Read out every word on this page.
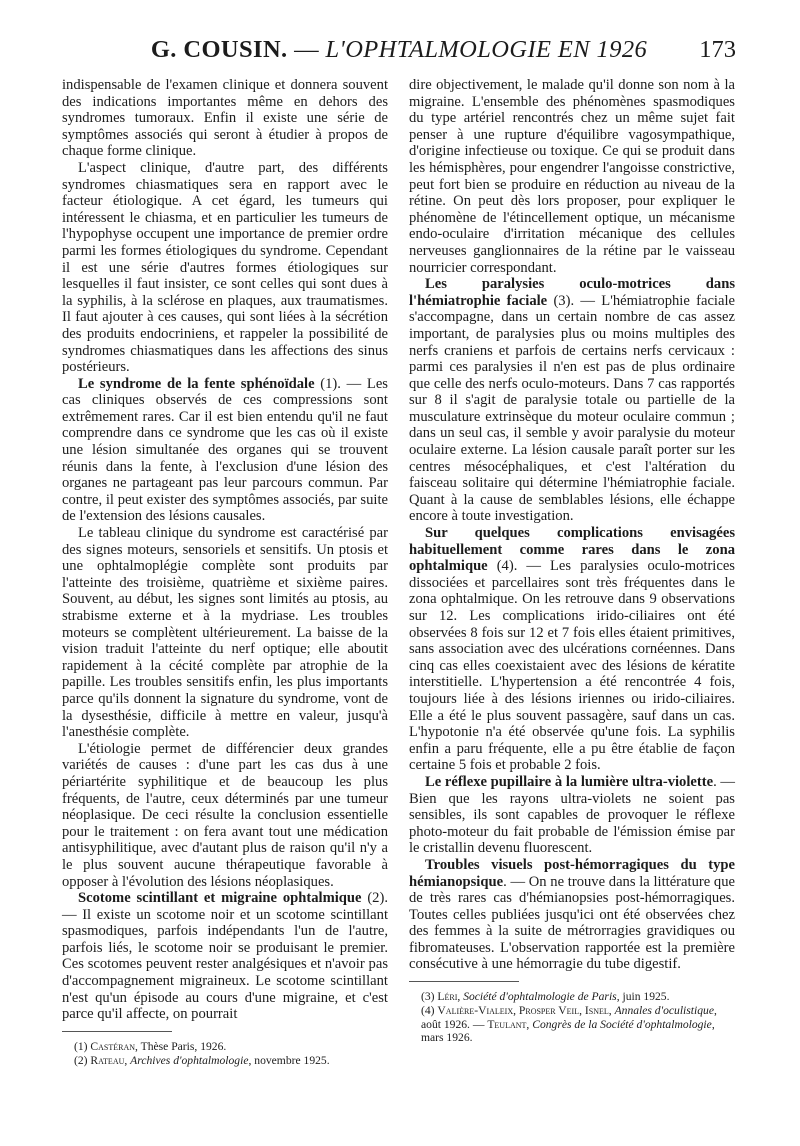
G. COUSIN. — L'OPHTALMOLOGIE EN 1926	173

indispensable de l'examen clinique et donnera souvent des indications importantes même en dehors des syndromes tumoraux. Enfin il existe une série de symptômes associés qui seront à étudier à propos de chaque forme clinique.

L'aspect clinique, d'autre part, des différents syndromes chiasmatiques sera en rapport avec le facteur étiologique. A cet égard, les tumeurs qui intéressent le chiasma, et en particulier les tumeurs de l'hypophyse occupent une importance de premier ordre parmi les formes étiologiques du syndrome. Cependant il est une série d'autres formes étiologiques sur lesquelles il faut insister, ce sont celles qui sont dues à la syphilis, à la sclérose en plaques, aux traumatismes. Il faut ajouter à ces causes, qui sont liées à la sécrétion des produits endocriniens, et rappeler la possibilité de syndromes chiasmatiques dans les affections des sinus postérieurs.

Le syndrome de la fente sphénoïdale (1). — Les cas cliniques observés de ces compressions sont extrêmement rares. Car il est bien entendu qu'il ne faut comprendre dans ce syndrome que les cas où il existe une lésion simultanée des organes qui se trouvent réunis dans la fente, à l'exclusion d'une lésion des organes ne partageant pas leur parcours commun. Par contre, il peut exister des symptômes associés, par suite de l'extension des lésions causales.

Le tableau clinique du syndrome est caractérisé par des signes moteurs, sensoriels et sensitifs. Un ptosis et une ophtalmoplégie complète sont produits par l'atteinte des troisième, quatrième et sixième paires. Souvent, au début, les signes sont limités au ptosis, au strabisme externe et à la mydriase. Les troubles moteurs se complètent ultérieurement. La baisse de la vision traduit l'atteinte du nerf optique; elle aboutit rapidement à la cécité complète par atrophie de la papille. Les troubles sensitifs enfin, les plus importants parce qu'ils donnent la signature du syndrome, vont de la dysesthésie, difficile à mettre en valeur, jusqu'à l'anesthésie complète.

L'étiologie permet de différencier deux grandes variétés de causes : d'une part les cas dus à une périartérite syphilitique et de beaucoup les plus fréquents, de l'autre, ceux déterminés par une tumeur néoplasique. De ceci résulte la conclusion essentielle pour le traitement : on fera avant tout une médication antisyphilitique, avec d'autant plus de raison qu'il n'y a le plus souvent aucune thérapeutique favorable à opposer à l'évolution des lésions néoplasiques.

Scotome scintillant et migraine ophtalmique (2). — Il existe un scotome noir et un scotome scintillant spasmodiques, parfois indépendants l'un de l'autre, parfois liés, le scotome noir se produisant le premier. Ces scotomes peuvent rester analgésiques et n'avoir pas d'accompagnement migraineux. Le scotome scintillant n'est qu'un épisode au cours d'une migraine, et c'est parce qu'il affecte, on pourrait

(1) Castéran, Thèse Paris, 1926.

(2) Rateau, Archives d'ophtalmologie, novembre 1925.

dire objectivement, le malade qu'il donne son nom à la migraine. L'ensemble des phénomènes spasmodiques du type artériel rencontrés chez un même sujet fait penser à une rupture d'équilibre vagosympathique, d'origine infectieuse ou toxique. Ce qui se produit dans les hémisphères, pour engendrer l'angoisse constrictive, peut fort bien se produire en réduction au niveau de la rétine. On peut dès lors proposer, pour expliquer le phénomène de l'étincellement optique, un mécanisme endo-oculaire d'irritation mécanique des cellules nerveuses ganglionnaires de la rétine par le vaisseau nourricier correspondant.

Les paralysies oculo-motrices dans l'hémiatrophie faciale (3). — L'hémiatrophie faciale s'accompagne, dans un certain nombre de cas assez important, de paralysies plus ou moins multiples des nerfs craniens et parfois de certains nerfs cervicaux : parmi ces paralysies il n'en est pas de plus ordinaire que celle des nerfs oculo-moteurs. Dans 7 cas rapportés sur 8 il s'agit de paralysie totale ou partielle de la musculature extrinsèque du moteur oculaire commun ; dans un seul cas, il semble y avoir paralysie du moteur oculaire externe. La lésion causale paraît porter sur les centres mésocéphaliques, et c'est l'altération du faisceau solitaire qui détermine l'hémiatrophie faciale. Quant à la cause de semblables lésions, elle échappe encore à toute investigation.

Sur quelques complications envisagées habituellement comme rares dans le zona ophtalmique (4). — Les paralysies oculo-motrices dissociées et parcellaires sont très fréquentes dans le zona ophtalmique. On les retrouve dans 9 observations sur 12. Les complications irido-ciliaires ont été observées 8 fois sur 12 et 7 fois elles étaient primitives, sans association avec des ulcérations cornéennes. Dans cinq cas elles coexistaient avec des lésions de kératite interstitielle. L'hypertension a été rencontrée 4 fois, toujours liée à des lésions iriennes ou irido-ciliaires. Elle a été le plus souvent passagère, sauf dans un cas. L'hypotonie n'a été observée qu'une fois. La syphilis enfin a paru fréquente, elle a pu être établie de façon certaine 5 fois et probable 2 fois.

Le réflexe pupillaire à la lumière ultra-violette. — Bien que les rayons ultra-violets ne soient pas sensibles, ils sont capables de provoquer le réflexe photo-moteur du fait probable de l'émission émise par le cristallin devenu fluorescent.

Troubles visuels post-hémorragiques du type hémianopsique. — On ne trouve dans la littérature que de très rares cas d'hémianopsies post-hémorragiques. Toutes celles publiées jusqu'ici ont été observées chez des femmes à la suite de métrorragies gravidiques ou fibromateuses. L'observation rapportée est la première consécutive à une hémorragie du tube digestif.

(3) Léri, Société d'ophtalmologie de Paris, juin 1925.

(4) Valière-Vialeix, Prosper Veil, Isnel, Annales d'oculistique, août 1926. — Teulant, Congrès de la Société d'ophtalmologie, mars 1926.
